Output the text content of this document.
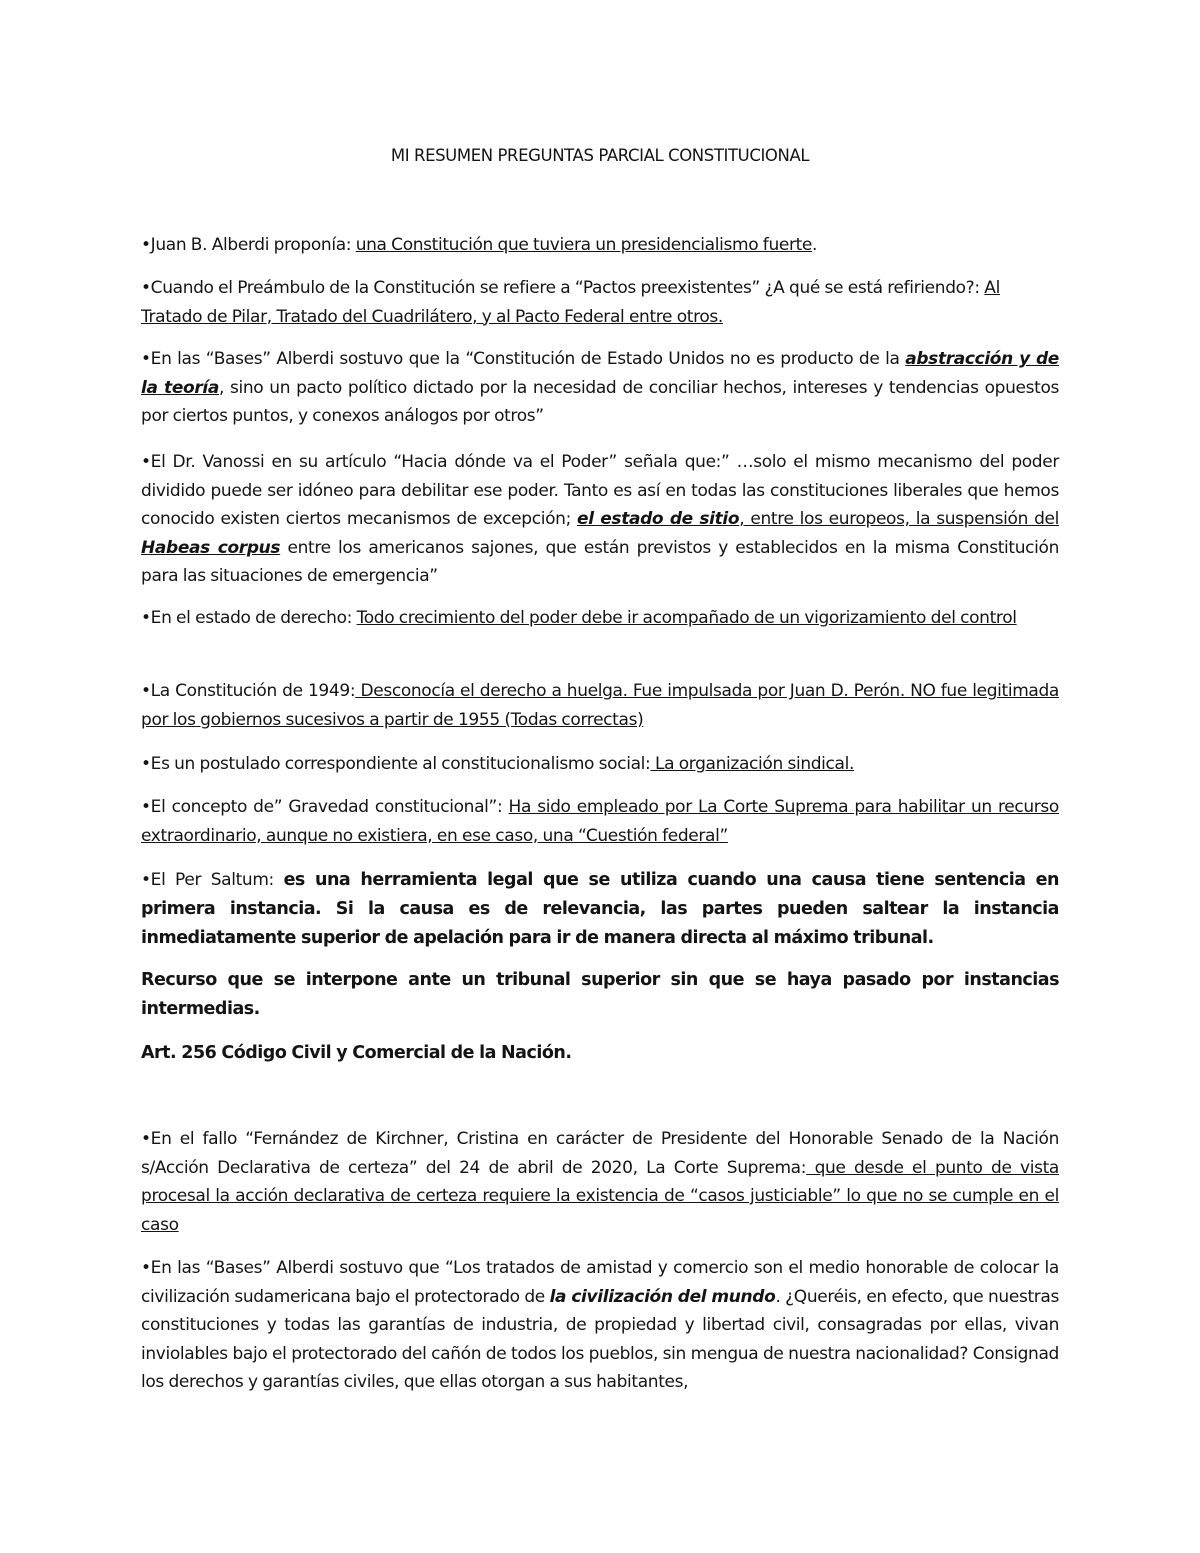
MI RESUMEN PREGUNTAS PARCIAL CONSTITUCIONAL

•Juan B. Alberdi proponía: una Constitución que tuviera un presidencialismo fuerte.

•Cuando el Preámbulo de la Constitución se refiere a “Pactos preexistentes” ¿A qué se está refiriendo?: Al Tratado de Pilar, Tratado del Cuadrilátero, y al Pacto Federal entre otros.

•En las “Bases” Alberdi sostuvo que la “Constitución de Estado Unidos no es producto de la abstracción y de la teoría, sino un pacto político dictado por la necesidad de conciliar hechos, intereses y tendencias opuestos por ciertos puntos, y conexos análogos por otros”

•El Dr. Vanossi en su artículo “Hacia dónde va el Poder” señala que:” …solo el mismo mecanismo del poder dividido puede ser idóneo para debilitar ese poder. Tanto es así en todas las constituciones liberales que hemos conocido existen ciertos mecanismos de excepción; el estado de sitio, entre los europeos, la suspensión del Habeas corpus entre los americanos sajones, que están previstos y establecidos en la misma Constitución para las situaciones de emergencia”

•En el estado de derecho: Todo crecimiento del poder debe ir acompañado de un vigorizamiento del control

•La Constitución de 1949: Desconocía el derecho a huelga. Fue impulsada por Juan D. Perón. NO fue legitimada por los gobiernos sucesivos a partir de 1955 (Todas correctas)

•Es un postulado correspondiente al constitucionalismo social: La organización sindical.

•El concepto de” Gravedad constitucional”: Ha sido empleado por La Corte Suprema para habilitar un recurso extraordinario, aunque no existiera, en ese caso, una “Cuestión federal”

•El Per Saltum: es una herramienta legal que se utiliza cuando una causa tiene sentencia en primera instancia. Si la causa es de relevancia, las partes pueden saltear la instancia inmediatamente superior de apelación para ir de manera directa al máximo tribunal.

Recurso que se interpone ante un tribunal superior sin que se haya pasado por instancias intermedias.

Art. 256 Código Civil y Comercial de la Nación.

•En el fallo “Fernández de Kirchner, Cristina en carácter de Presidente del Honorable Senado de la Nación s/Acción Declarativa de certeza” del 24 de abril de 2020, La Corte Suprema: que desde el punto de vista procesal la acción declarativa de certeza requiere la existencia de “casos justiciable” lo que no se cumple en el caso

•En las “Bases” Alberdi sostuvo que “Los tratados de amistad y comercio son el medio honorable de colocar la civilización sudamericana bajo el protectorado de la civilización del mundo. ¿Queréis, en efecto, que nuestras constituciones y todas las garantías de industria, de propiedad y libertad civil, consagradas por ellas, vivan inviolables bajo el protectorado del cañón de todos los pueblos, sin mengua de nuestra nacionalidad? Consignad los derechos y garantías civiles, que ellas otorgan a sus habitantes,
